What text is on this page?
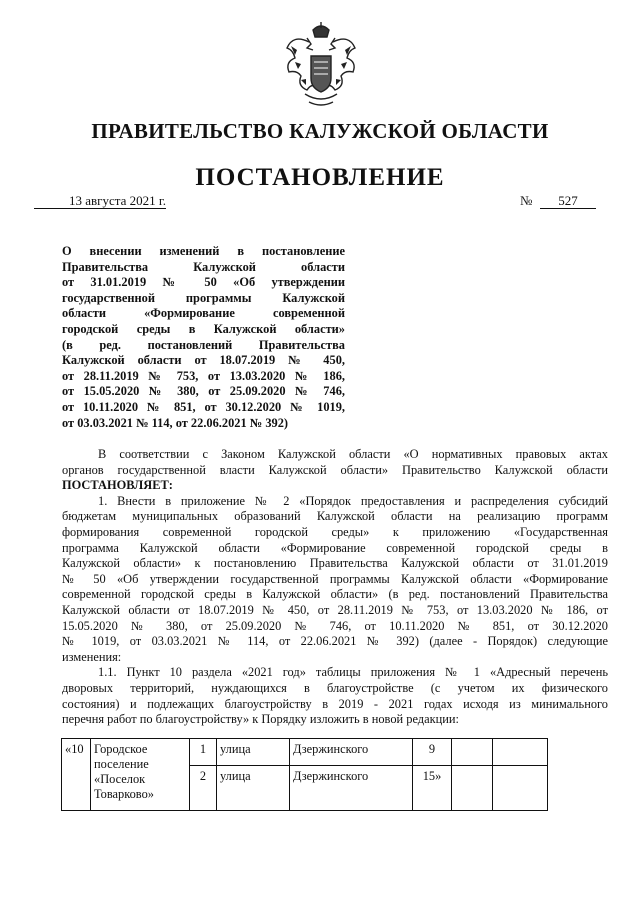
ПРАВИТЕЛЬСТВО КАЛУЖСКОЙ ОБЛАСТИ
ПОСТАНОВЛЕНИЕ
13 августа 2021 г.	№	527
О внесении изменений в постановление
Правительства Калужской области
от 31.01.2019 № 50 «Об утверждении
государственной программы Калужской
области «Формирование современной
городской среды в Калужской области»
(в ред. постановлений Правительства
Калужской области от 18.07.2019 № 450,
от 28.11.2019 № 753, от 13.03.2020 № 186,
от 15.05.2020 № 380, от 25.09.2020 № 746,
от 10.11.2020 № 851, от 30.12.2020 № 1019,
от 03.03.2021 № 114, от 22.06.2021 № 392)
В соответствии с Законом Калужской области «О нормативных правовых актах
органов государственной власти Калужской области» Правительство Калужской области
ПОСТАНОВЛЯЕТ:
1. Внести в приложение № 2 «Порядок предоставления и распределения субсидий
бюджетам муниципальных образований Калужской области на реализацию программ
формирования современной городской среды» к приложению «Государственная
программа Калужской области «Формирование современной городской среды в
Калужской области» к постановлению Правительства Калужской области от 31.01.2019
№ 50 «Об утверждении государственной программы Калужской области «Формирование
современной городской среды в Калужской области» (в ред. постановлений Правительства
Калужской области от 18.07.2019 № 450, от 28.11.2019 № 753, от 13.03.2020 № 186, от
15.05.2020 № 380, от 25.09.2020 № 746, от 10.11.2020 № 851, от 30.12.2020
№ 1019, от 03.03.2021 № 114, от 22.06.2021 № 392) (далее - Порядок) следующие
изменения:
1.1. Пункт 10 раздела «2021 год» таблицы приложения № 1 «Адресный перечень
дворовых территорий, нуждающихся в благоустройстве (с учетом их физического
состояния) и подлежащих благоустройству в 2019 - 2021 годах исходя из минимального
перечня работ по благоустройству» к Порядку изложить в новой редакции:
«10	Городское поселение «Поселок Товарково»	1	улица	Дзержинского	9		
		2	улица	Дзержинского	15»		
